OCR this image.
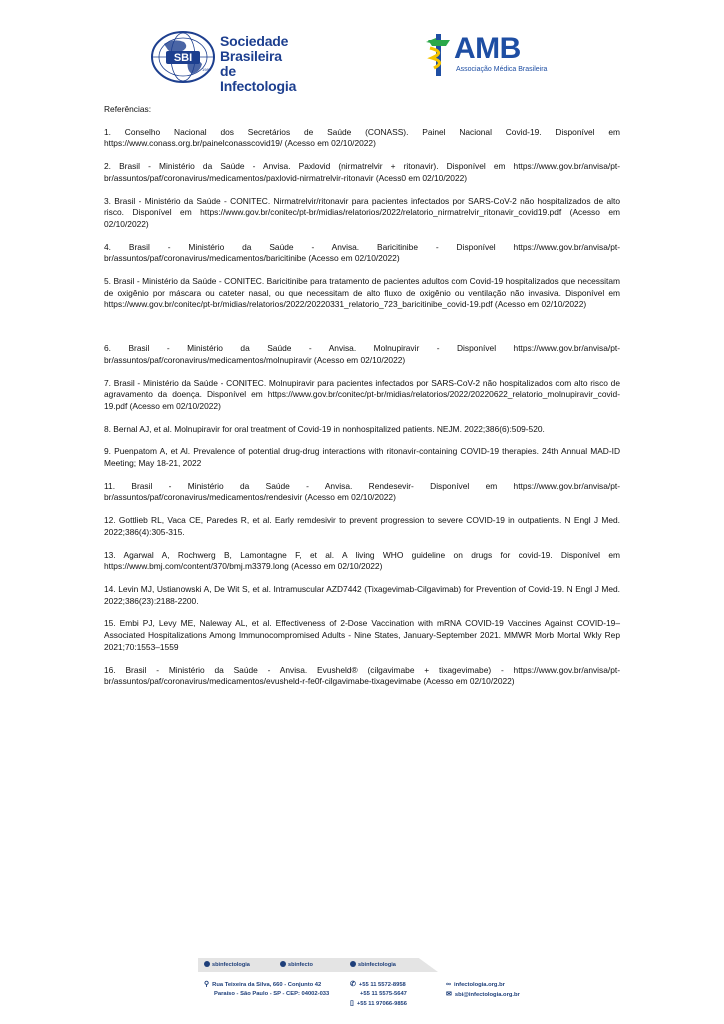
SBI
1980
Sociedade
Brasileira de
Infectologia
AMB
Associação Médica Brasileira

Referências:

1. Conselho Nacional dos Secretários de Saúde (CONASS). Painel Nacional Covid-19. Disponível em https://www.conass.org.br/painelconasscovid19/ (Acesso em 02/10/2022)

2. Brasil - Ministério da Saúde - Anvisa. Paxlovid (nirmatrelvir + ritonavir). Disponível em https://www.gov.br/anvisa/pt-br/assuntos/paf/coronavirus/medicamentos/paxlovid-nirmatrelvir-ritonavir (Acess0 em 02/10/2022)

3. Brasil - Ministério da Saúde - CONITEC. Nirmatrelvir/ritonavir para pacientes infectados por SARS-CoV-2 não hospitalizados de alto risco. Disponível em https://www.gov.br/conitec/pt-br/midias/relatorios/2022/relatorio_nirmatrelvir_ritonavir_covid19.pdf (Acesso em 02/10/2022)

4. Brasil - Ministério da Saúde - Anvisa. Baricitinibe - Disponível https://www.gov.br/anvisa/pt-br/assuntos/paf/coronavirus/medicamentos/baricitinibe (Acesso em 02/10/2022)

5. Brasil - Ministério da Saúde - CONITEC. Baricitinibe para tratamento de pacientes adultos com Covid-19 hospitalizados que necessitam de oxigênio por máscara ou cateter nasal, ou que necessitam de alto fluxo de oxigênio ou ventilação não invasiva. Disponível em https://www.gov.br/conitec/pt-br/midias/relatorios/2022/20220331_relatorio_723_baricitinibe_covid-19.pdf (Acesso em 02/10/2022)

6. Brasil - Ministério da Saúde - Anvisa. Molnupiravir - Disponível https://www.gov.br/anvisa/pt-br/assuntos/paf/coronavirus/medicamentos/molnupiravir (Acesso em 02/10/2022)

7. Brasil - Ministério da Saúde - CONITEC. Molnupiravir para pacientes infectados por SARS-CoV-2 não hospitalizados com alto risco de agravamento da doença. Disponível em https://www.gov.br/conitec/pt-br/midias/relatorios/2022/20220622_relatorio_molnupiravir_covid-19.pdf (Acesso em 02/10/2022)

8. Bernal AJ, et al. Molnupiravir for oral treatment of Covid-19 in nonhospitalized patients. NEJM. 2022;386(6):509-520.

9. Puenpatom A, et Al. Prevalence of potential drug-drug interactions with ritonavir-containing COVID-19 therapies. 24th Annual MAD-ID Meeting; May 18-21, 2022

11. Brasil - Ministério da Saúde - Anvisa. Rendesevir- Disponível em https://www.gov.br/anvisa/pt-br/assuntos/paf/coronavirus/medicamentos/rendesivir (Acesso em 02/10/2022)

12. Gottlieb RL, Vaca CE, Paredes R, et al. Early remdesivir to prevent progression to severe COVID-19 in outpatients. N Engl J Med. 2022;386(4):305-315.

13. Agarwal A, Rochwerg B, Lamontagne F, et al. A living WHO guideline on drugs for covid-19. Disponível em https://www.bmj.com/content/370/bmj.m3379.long (Acesso em 02/10/2022)

14. Levin MJ, Ustianowski A, De Wit S, et al. Intramuscular AZD7442 (Tixagevimab-Cilgavimab) for Prevention of Covid-19. N Engl J Med. 2022;386(23):2188-2200.

15. Embi PJ, Levy ME, Naleway AL, et al. Effectiveness of 2-Dose Vaccination with mRNA COVID-19 Vaccines Against COVID-19–Associated Hospitalizations Among Immunocompromised Adults - Nine States, January-September 2021. MMWR Morb Mortal Wkly Rep 2021;70:1553–1559

16. Brasil - Ministério da Saúde - Anvisa. Evusheld® (cilgavimabe + tixagevimabe) - https://www.gov.br/anvisa/pt-br/assuntos/paf/coronavirus/medicamentos/evusheld-r-fe0f-cilgavimabe-tixagevimabe (Acesso em 02/10/2022)

sbinfectologia	sbinfecto	sbinfectologia
⚲ Rua Teixeira da Silva, 660 - Conjunto 42
Paraíso - São Paulo - SP - CEP: 04002-033
✆ +55 11 5572-8958
+55 11 5575-5647
▯ +55 11 97066-9856
∞ infectologia.org.br
✉ sbi@infectologia.org.br
